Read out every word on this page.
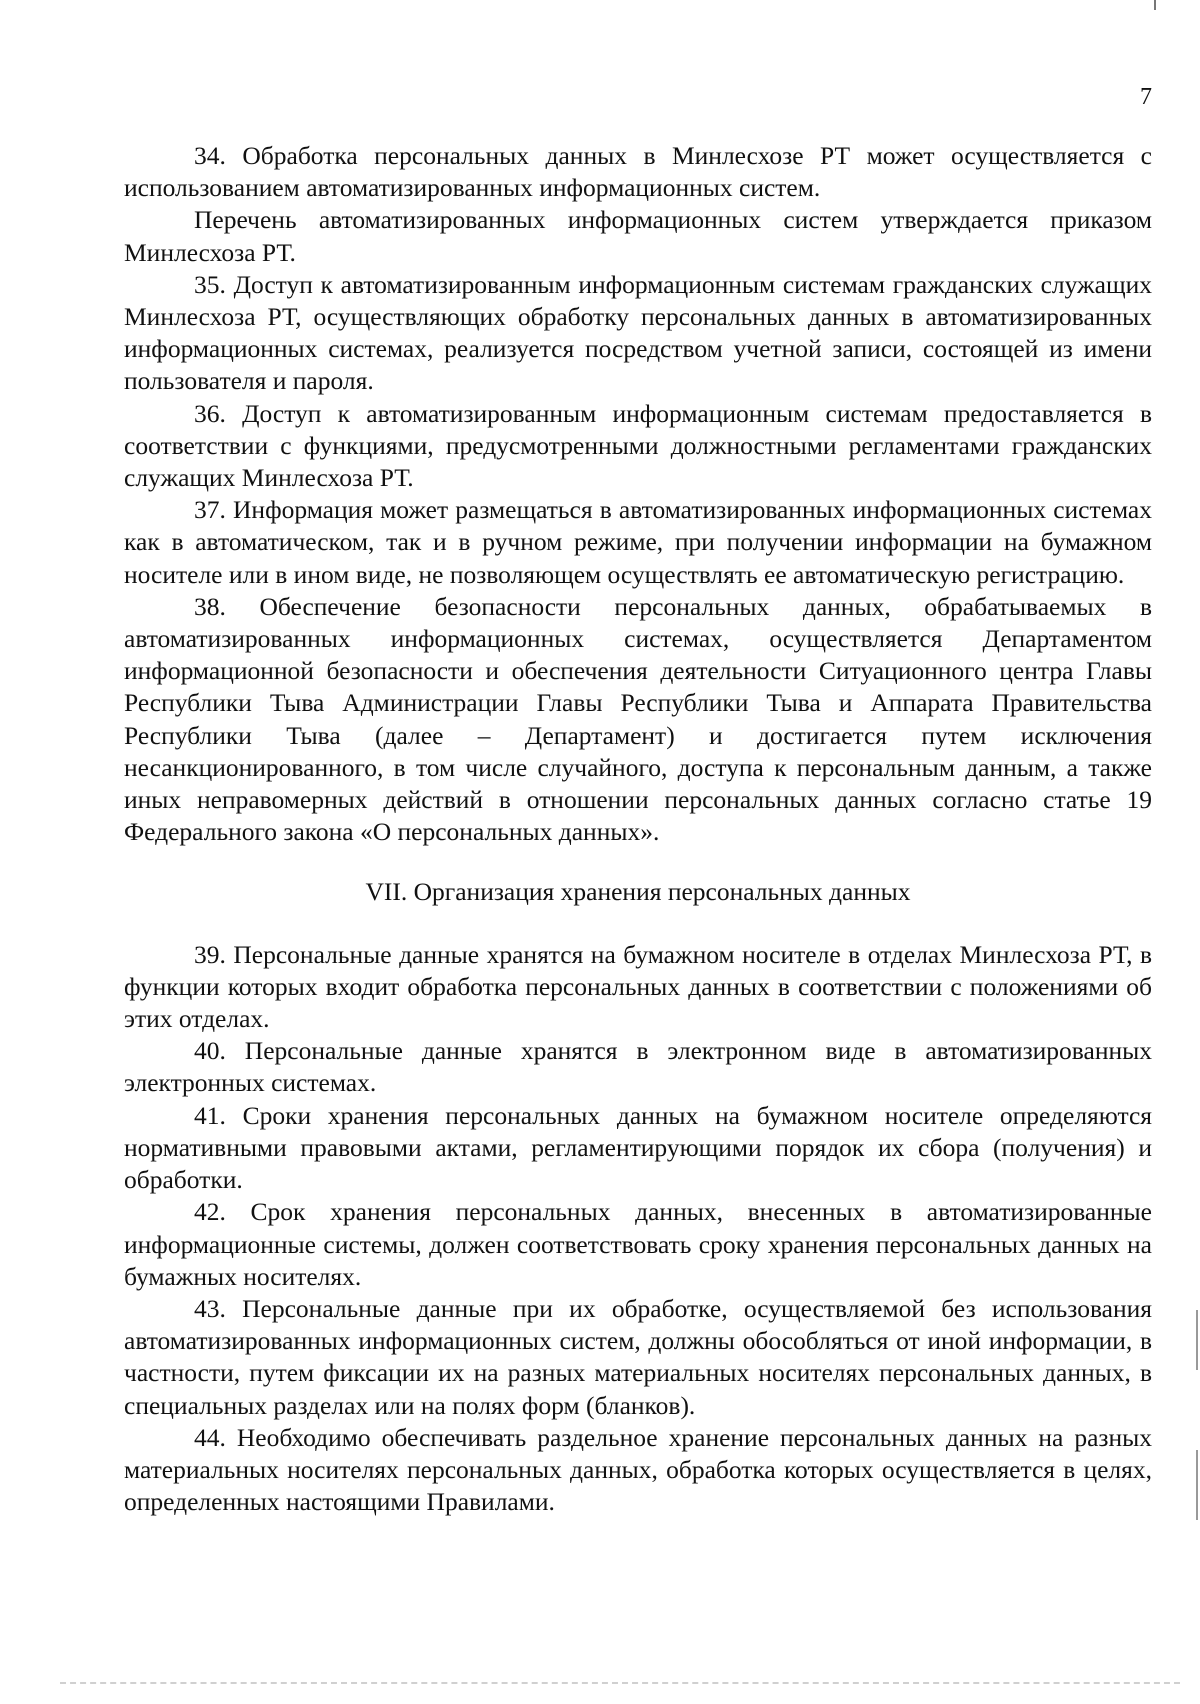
7

34. Обработка персональных данных в Минлесхозе РТ может осуществляется с использованием автоматизированных информационных систем.

Перечень автоматизированных информационных систем утверждается приказом Минлесхоза РТ.

35. Доступ к автоматизированным информационным системам гражданских служащих Минлесхоза РТ, осуществляющих обработку персональных данных в автоматизированных информационных системах, реализуется посредством учетной записи, состоящей из имени пользователя и пароля.

36. Доступ к автоматизированным информационным системам предоставляется в соответствии с функциями, предусмотренными должностными регламентами гражданских служащих Минлесхоза РТ.

37. Информация может размещаться в автоматизированных информационных системах как в автоматическом, так и в ручном режиме, при получении информации на бумажном носителе или в ином виде, не позволяющем осуществлять ее автоматическую регистрацию.

38. Обеспечение безопасности персональных данных, обрабатываемых в автоматизированных информационных системах, осуществляется Департаментом информационной безопасности и обеспечения деятельности Ситуационного центра Главы Республики Тыва Администрации Главы Республики Тыва и Аппарата Правительства Республики Тыва (далее – Департамент) и достигается путем исключения несанкционированного, в том числе случайного, доступа к персональным данным, а также иных неправомерных действий в отношении персональных данных согласно статье 19 Федерального закона «О персональных данных».

VII. Организация хранения персональных данных

39. Персональные данные хранятся на бумажном носителе в отделах Минлесхоза РТ, в функции которых входит обработка персональных данных в соответствии с положениями об этих отделах.

40. Персональные данные хранятся в электронном виде в автоматизированных электронных системах.

41. Сроки хранения персональных данных на бумажном носителе определяются нормативными правовыми актами, регламентирующими порядок их сбора (получения) и обработки.

42. Срок хранения персональных данных, внесенных в автоматизированные информационные системы, должен соответствовать сроку хранения персональных данных на бумажных носителях.

43. Персональные данные при их обработке, осуществляемой без использования автоматизированных информационных систем, должны обособляться от иной информации, в частности, путем фиксации их на разных материальных носителях персональных данных, в специальных разделах или на полях форм (бланков).

44. Необходимо обеспечивать раздельное хранение персональных данных на разных материальных носителях персональных данных, обработка которых осуществляется в целях, определенных настоящими Правилами.
